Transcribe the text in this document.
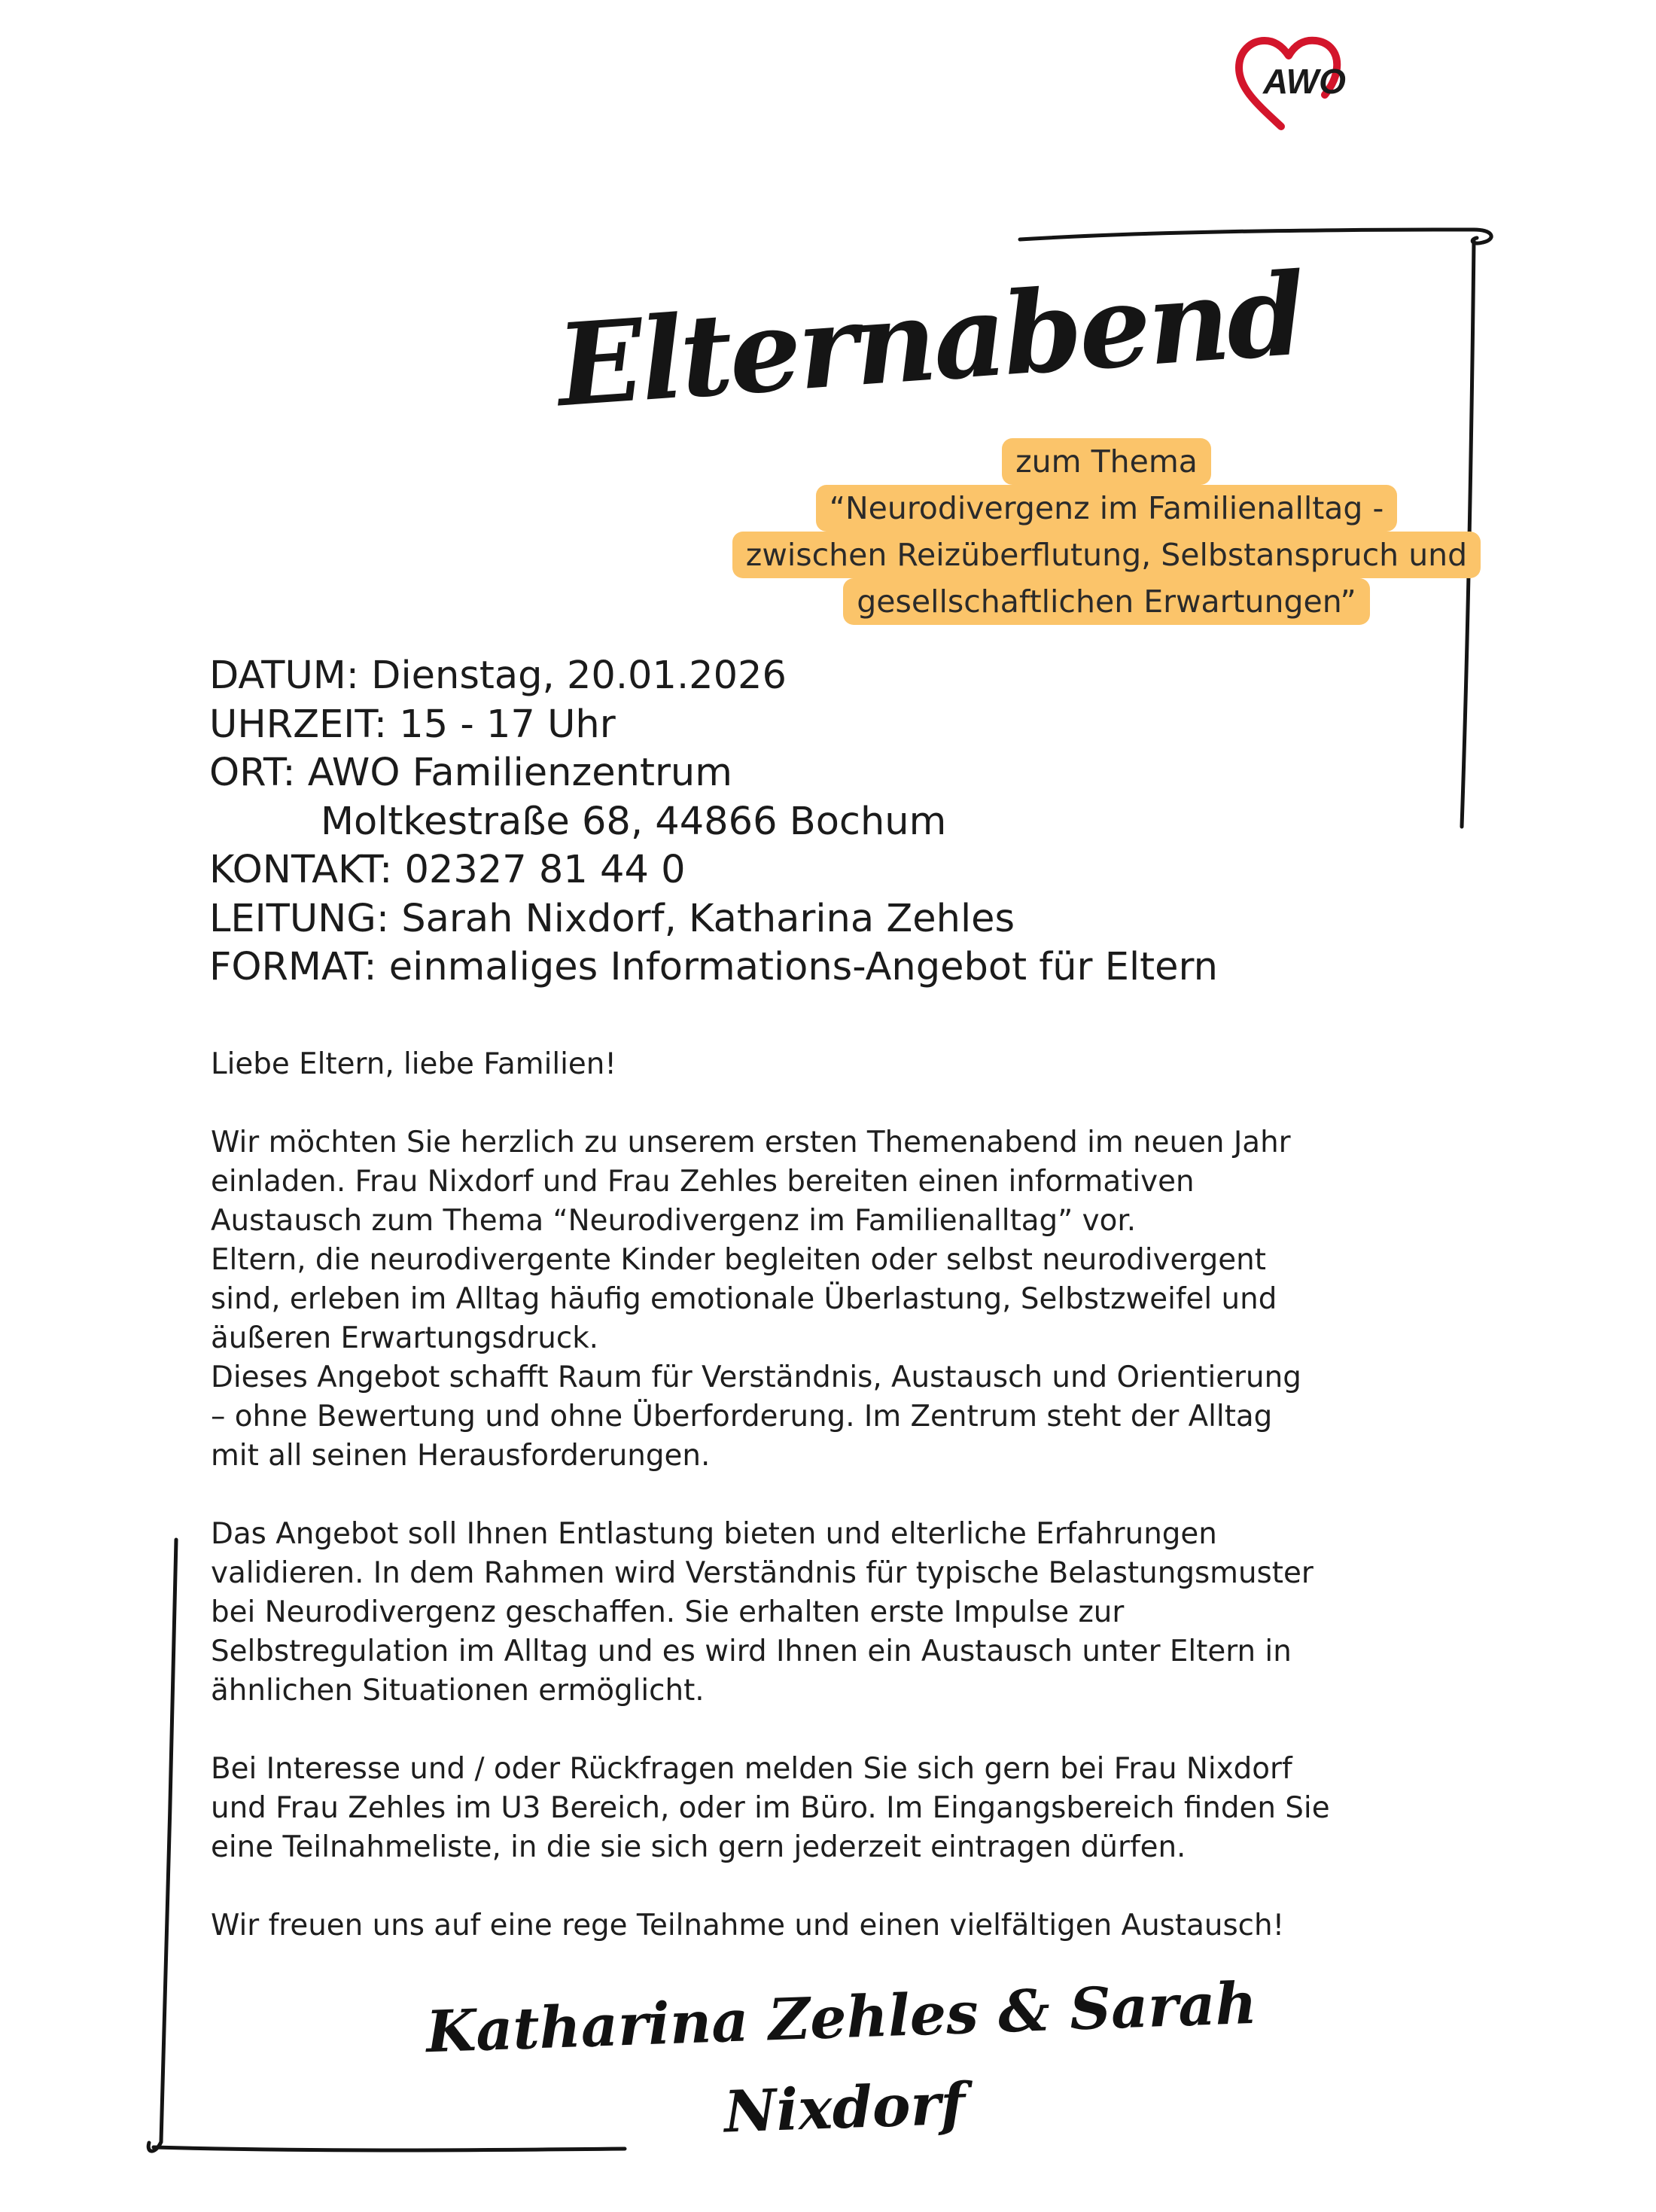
AWO
Elternabend
zum Thema
“Neurodivergenz im Familienalltag -
zwischen Reizüberflutung, Selbstanspruch und
gesellschaftlichen Erwartungen”
DATUM: Dienstag, 20.01.2026
UHRZEIT: 15 - 17 Uhr
ORT: AWO Familienzentrum
Moltkestraße 68, 44866 Bochum
KONTAKT: 02327 81 44 0
LEITUNG: Sarah Nixdorf, Katharina Zehles
FORMAT: einmaliges Informations-Angebot für Eltern

Liebe Eltern, liebe Familien!

Wir möchten Sie herzlich zu unserem ersten Themenabend im neuen Jahr
einladen. Frau Nixdorf und Frau Zehles bereiten einen informativen
Austausch zum Thema “Neurodivergenz im Familienalltag” vor.
Eltern, die neurodivergente Kinder begleiten oder selbst neurodivergent
sind, erleben im Alltag häufig emotionale Überlastung, Selbstzweifel und
äußeren Erwartungsdruck.
Dieses Angebot schafft Raum für Verständnis, Austausch und Orientierung
– ohne Bewertung und ohne Überforderung. Im Zentrum steht der Alltag
mit all seinen Herausforderungen.

Das Angebot soll Ihnen Entlastung bieten und elterliche Erfahrungen
validieren. In dem Rahmen wird Verständnis für typische Belastungsmuster
bei Neurodivergenz geschaffen. Sie erhalten erste Impulse zur
Selbstregulation im Alltag und es wird Ihnen ein Austausch unter Eltern in
ähnlichen Situationen ermöglicht.

Bei Interesse und / oder Rückfragen melden Sie sich gern bei Frau Nixdorf
und Frau Zehles im U3 Bereich, oder im Büro. Im Eingangsbereich finden Sie
eine Teilnahmeliste, in die sie sich gern jederzeit eintragen dürfen.

Wir freuen uns auf eine rege Teilnahme und einen vielfältigen Austausch!

Katharina Zehles & Sarah Nixdorf
